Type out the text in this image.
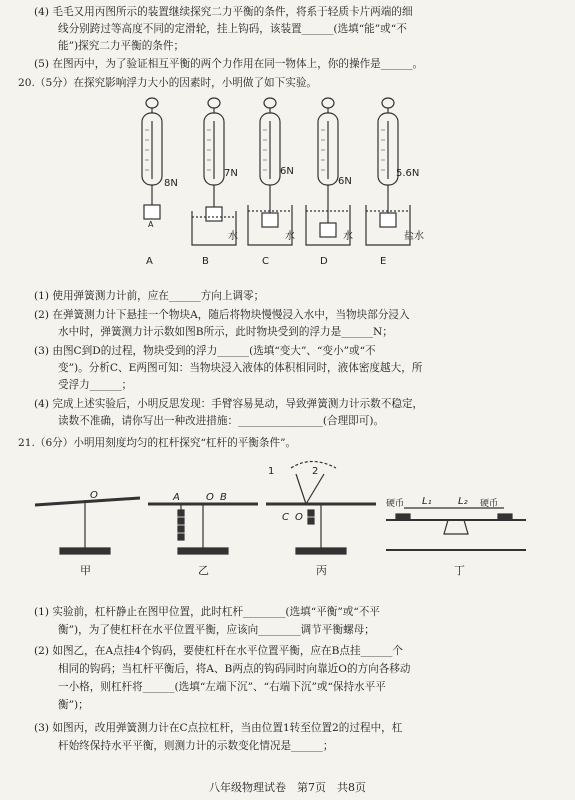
(4) 毛毛又用丙图所示的装置继续探究二力平衡的条件，将系于轻质卡片两端的细
线分别跨过等高度不同的定滑轮，挂上钩码，该装置______(选填“能”或“不
能”)探究二力平衡的条件；
(5) 在图丙中，为了验证相互平衡的两个力作用在同一物体上，你的操作是______。
20.（5分）在探究影响浮力大小的因素时，小明做了如下实验。
8N
7N	6N
6N
5.6N
A
水	水	水	盐水
A	B	C	D	E
(1) 使用弹簧测力计前，应在______方向上调零；
(2) 在弹簧测力计下悬挂一个物块A，随后将物块慢慢浸入水中，当物块部分浸入
水中时，弹簧测力计示数如图B所示，此时物块受到的浮力是______N；
(3) 由图C到D的过程，物块受到的浮力______(选填“变大”、“变小”或“不
变”)。分析C、E两图可知：当物块浸入液体的体积相同时，液体密度越大，所
受浮力______；
(4) 完成上述实验后，小明反思发现：手臂容易晃动，导致弹簧测力计示数不稳定，
读数不准确，请你写出一种改进措施：________________(合理即可)。
21.（6分）小明用刻度均匀的杠杆探究“杠杆的平衡条件”。
O	A	O B
1	2
C O
硬币	硬币
L₁	L₂
甲	乙	丙	丁
(1) 实验前，杠杆静止在图甲位置，此时杠杆________(选填“平衡”或“不平
衡”)，为了使杠杆在水平位置平衡，应该向________调节平衡螺母；
(2) 如图乙，在A点挂4个钩码，要使杠杆在水平位置平衡，应在B点挂______个
相同的钩码；当杠杆平衡后，将A、B两点的钩码同时向靠近O的方向各移动
一小格，则杠杆将______(选填“左端下沉”、“右端下沉”或“保持水平平
衡”)；
(3) 如图丙，改用弹簧测力计在C点拉杠杆，当由位置1转至位置2的过程中，杠
杆始终保持水平平衡，则测力计的示数变化情况是______；
八年级物理试卷　第7页　共8页
